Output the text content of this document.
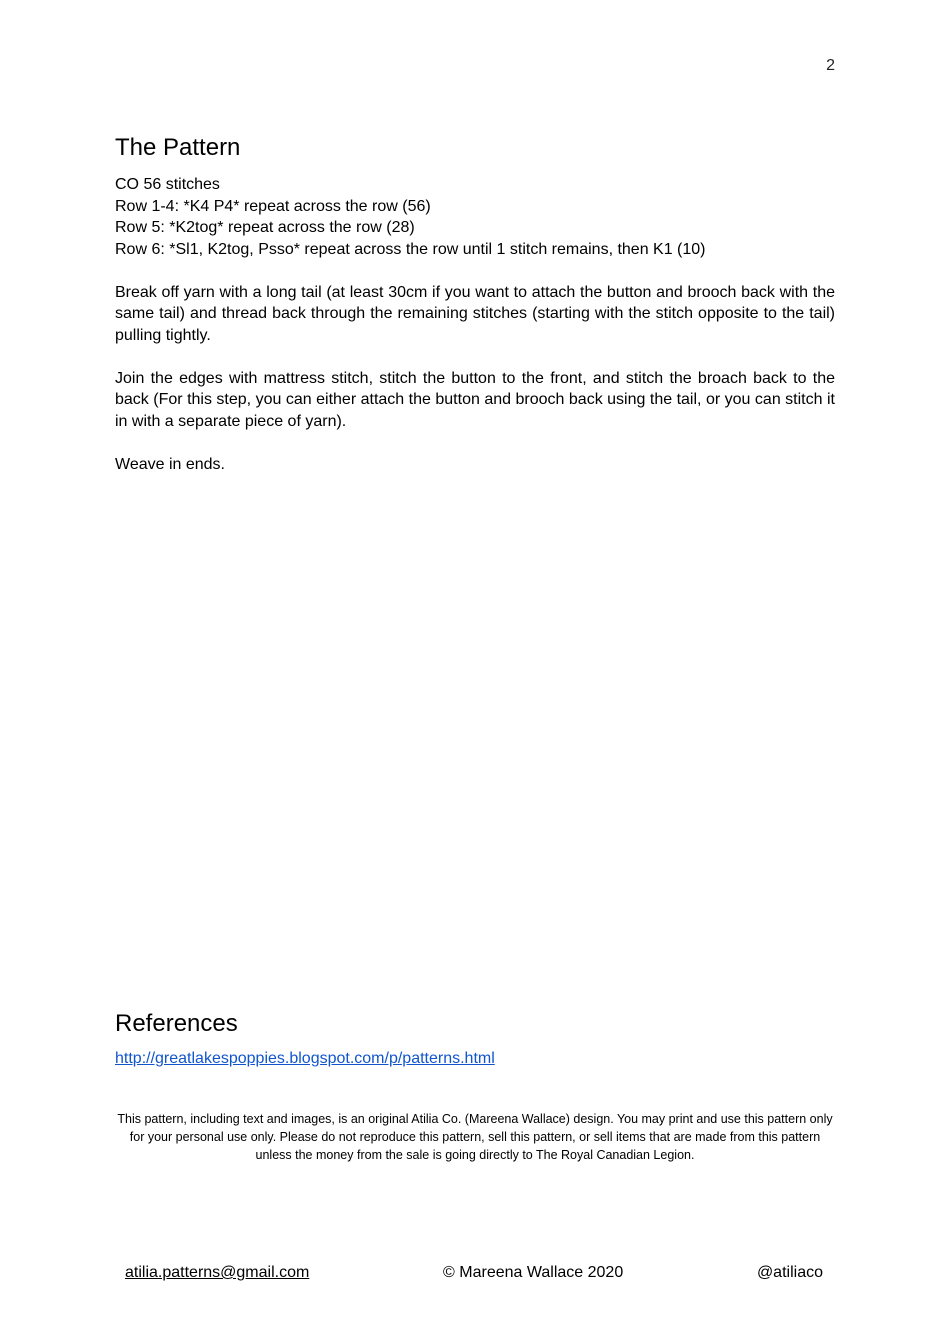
2
The Pattern

CO 56 stitches

Row 1-4: *K4 P4* repeat across the row (56)

Row 5: *K2tog* repeat across the row (28)

Row 6: *Sl1, K2tog, Psso* repeat across the row until 1 stitch remains, then K1 (10)

Break off yarn with a long tail (at least 30cm if you want to attach the button and brooch back with the same tail) and thread back through the remaining stitches (starting with the stitch opposite to the tail) pulling tightly.

Join the edges with mattress stitch, stitch the button to the front, and stitch the broach back to the back (For this step, you can either attach the button and brooch back using the tail, or you can stitch it in with a separate piece of yarn).

Weave in ends.

References
http://greatlakespoppies.blogspot.com/p/patterns.html

This pattern, including text and images, is an original Atilia Co. (Mareena Wallace) design. You may print and use this pattern only for your personal use only. Please do not reproduce this pattern, sell this pattern, or sell items that are made from this pattern unless the money from the sale is going directly to The Royal Canadian Legion.

atilia.patterns@gmail.com	© Mareena Wallace 2020	@atiliaco
